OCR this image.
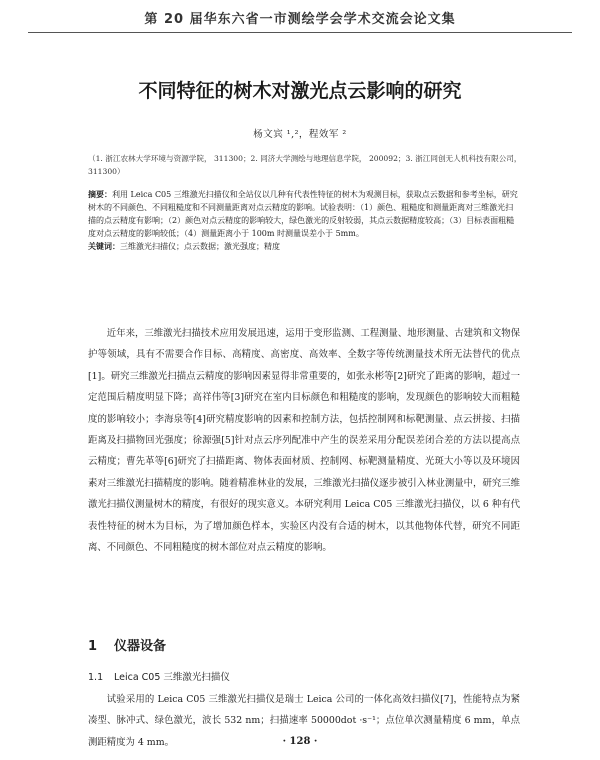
第 20 届华东六省一市测绘学会学术交流会论文集
不同特征的树木对激光点云影响的研究
杨文宾 ¹,²，程效军 ²
（1. 浙江农林大学环境与资源学院， 311300；2. 同济大学测绘与地理信息学院， 200092；3. 浙江同创无人机科技有限公司， 311300）
摘要：利用 Leica C05 三维激光扫描仪和全站仪以几种有代表性特征的树木为观测目标，获取点云数据和参考坐标，研究树木的不同颜色、不同粗糙度和不同测量距离对点云精度的影响。试验表明：（1）颜色、粗糙度和测量距离对三维激光扫描的点云精度有影响；（2）颜色对点云精度的影响较大，绿色激光的反射较弱，其点云数据精度较高；（3）目标表面粗糙度对点云精度的影响较低；（4）测量距离小于 100m 时测量误差小于 5mm。
关键词：三维激光扫描仪；点云数据；激光强度；精度
近年来，三维激光扫描技术应用发展迅速，运用于变形监测、工程测量、地形测量、古建筑和文物保护等领域，具有不需要合作目标、高精度、高密度、高效率、全数字等传统测量技术所无法替代的优点[1]。研究三维激光扫描点云精度的影响因素显得非常重要的，如张永彬等[2]研究了距离的影响，超过一定范围后精度明显下降；高祥伟等[3]研究在室内目标颜色和粗糙度的影响，发现颜色的影响较大而粗糙度的影响较小；李海泉等[4]研究精度影响的因素和控制方法，包括控制网和标靶测量、点云拼接、扫描距离及扫描物回光强度；徐源强[5]针对点云序列配准中产生的误差采用分配误差闭合差的方法以提高点云精度；曹先革等[6]研究了扫描距离、物体表面材质、控制网、标靶测量精度、光斑大小等以及环境因素对三维激光扫描精度的影响。随着精准林业的发展，三维激光扫描仪逐步被引入林业测量中，研究三维激光扫描仪测量树木的精度，有很好的现实意义。本研究利用 Leica C05 三维激光扫描仪，以 6 种有代表性特征的树木为目标，为了增加颜色样本，实验区内没有合适的树木，以其他物体代替，研究不同距离、不同颜色、不同粗糙度的树木部位对点云精度的影响。
1 仪器设备
1.1 Leica C05 三维激光扫描仪
试验采用的 Leica C05 三维激光扫描仪是瑞士 Leica 公司的一体化高效扫描仪[7]，性能特点为紧凑型、脉冲式、绿色激光，波长 532 nm；扫描速率 50000dot ·s⁻¹；点位单次测量精度 6 mm，单点测距精度为 4 mm。	· 128 ·
